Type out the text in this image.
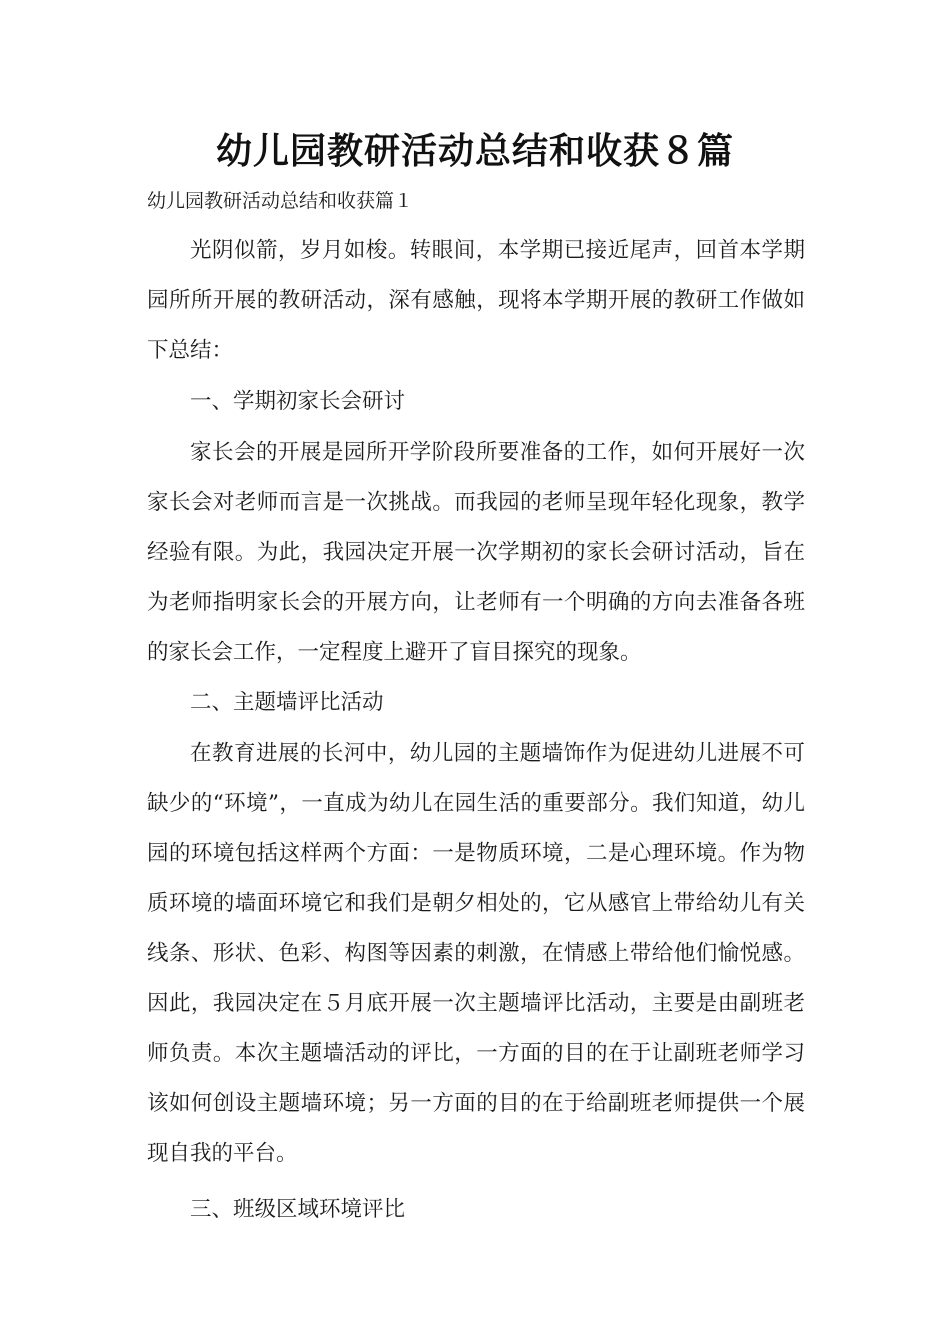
幼儿园教研活动总结和收获８篇

幼儿园教研活动总结和收获篇１

光阴似箭，岁月如梭。转眼间，本学期已接近尾声，回首本学期园所所开展的教研活动，深有感触，现将本学期开展的教研工作做如下总结：

一、学期初家长会研讨

家长会的开展是园所开学阶段所要准备的工作，如何开展好一次家长会对老师而言是一次挑战。而我园的老师呈现年轻化现象，教学经验有限。为此，我园决定开展一次学期初的家长会研讨活动，旨在为老师指明家长会的开展方向，让老师有一个明确的方向去准备各班的家长会工作，一定程度上避开了盲目探究的现象。

二、主题墙评比活动

在教育进展的长河中，幼儿园的主题墙饰作为促进幼儿进展不可缺少的“环境”，一直成为幼儿在园生活的重要部分。我们知道，幼儿园的环境包括这样两个方面：一是物质环境，二是心理环境。作为物质环境的墙面环境它和我们是朝夕相处的，它从感官上带给幼儿有关线条、形状、色彩、构图等因素的刺激，在情感上带给他们愉悦感。因此，我园决定在５月底开展一次主题墙评比活动，主要是由副班老师负责。本次主题墙活动的评比，一方面的目的在于让副班老师学习该如何创设主题墙环境；另一方面的目的在于给副班老师提供一个展现自我的平台。

三、班级区域环境评比
